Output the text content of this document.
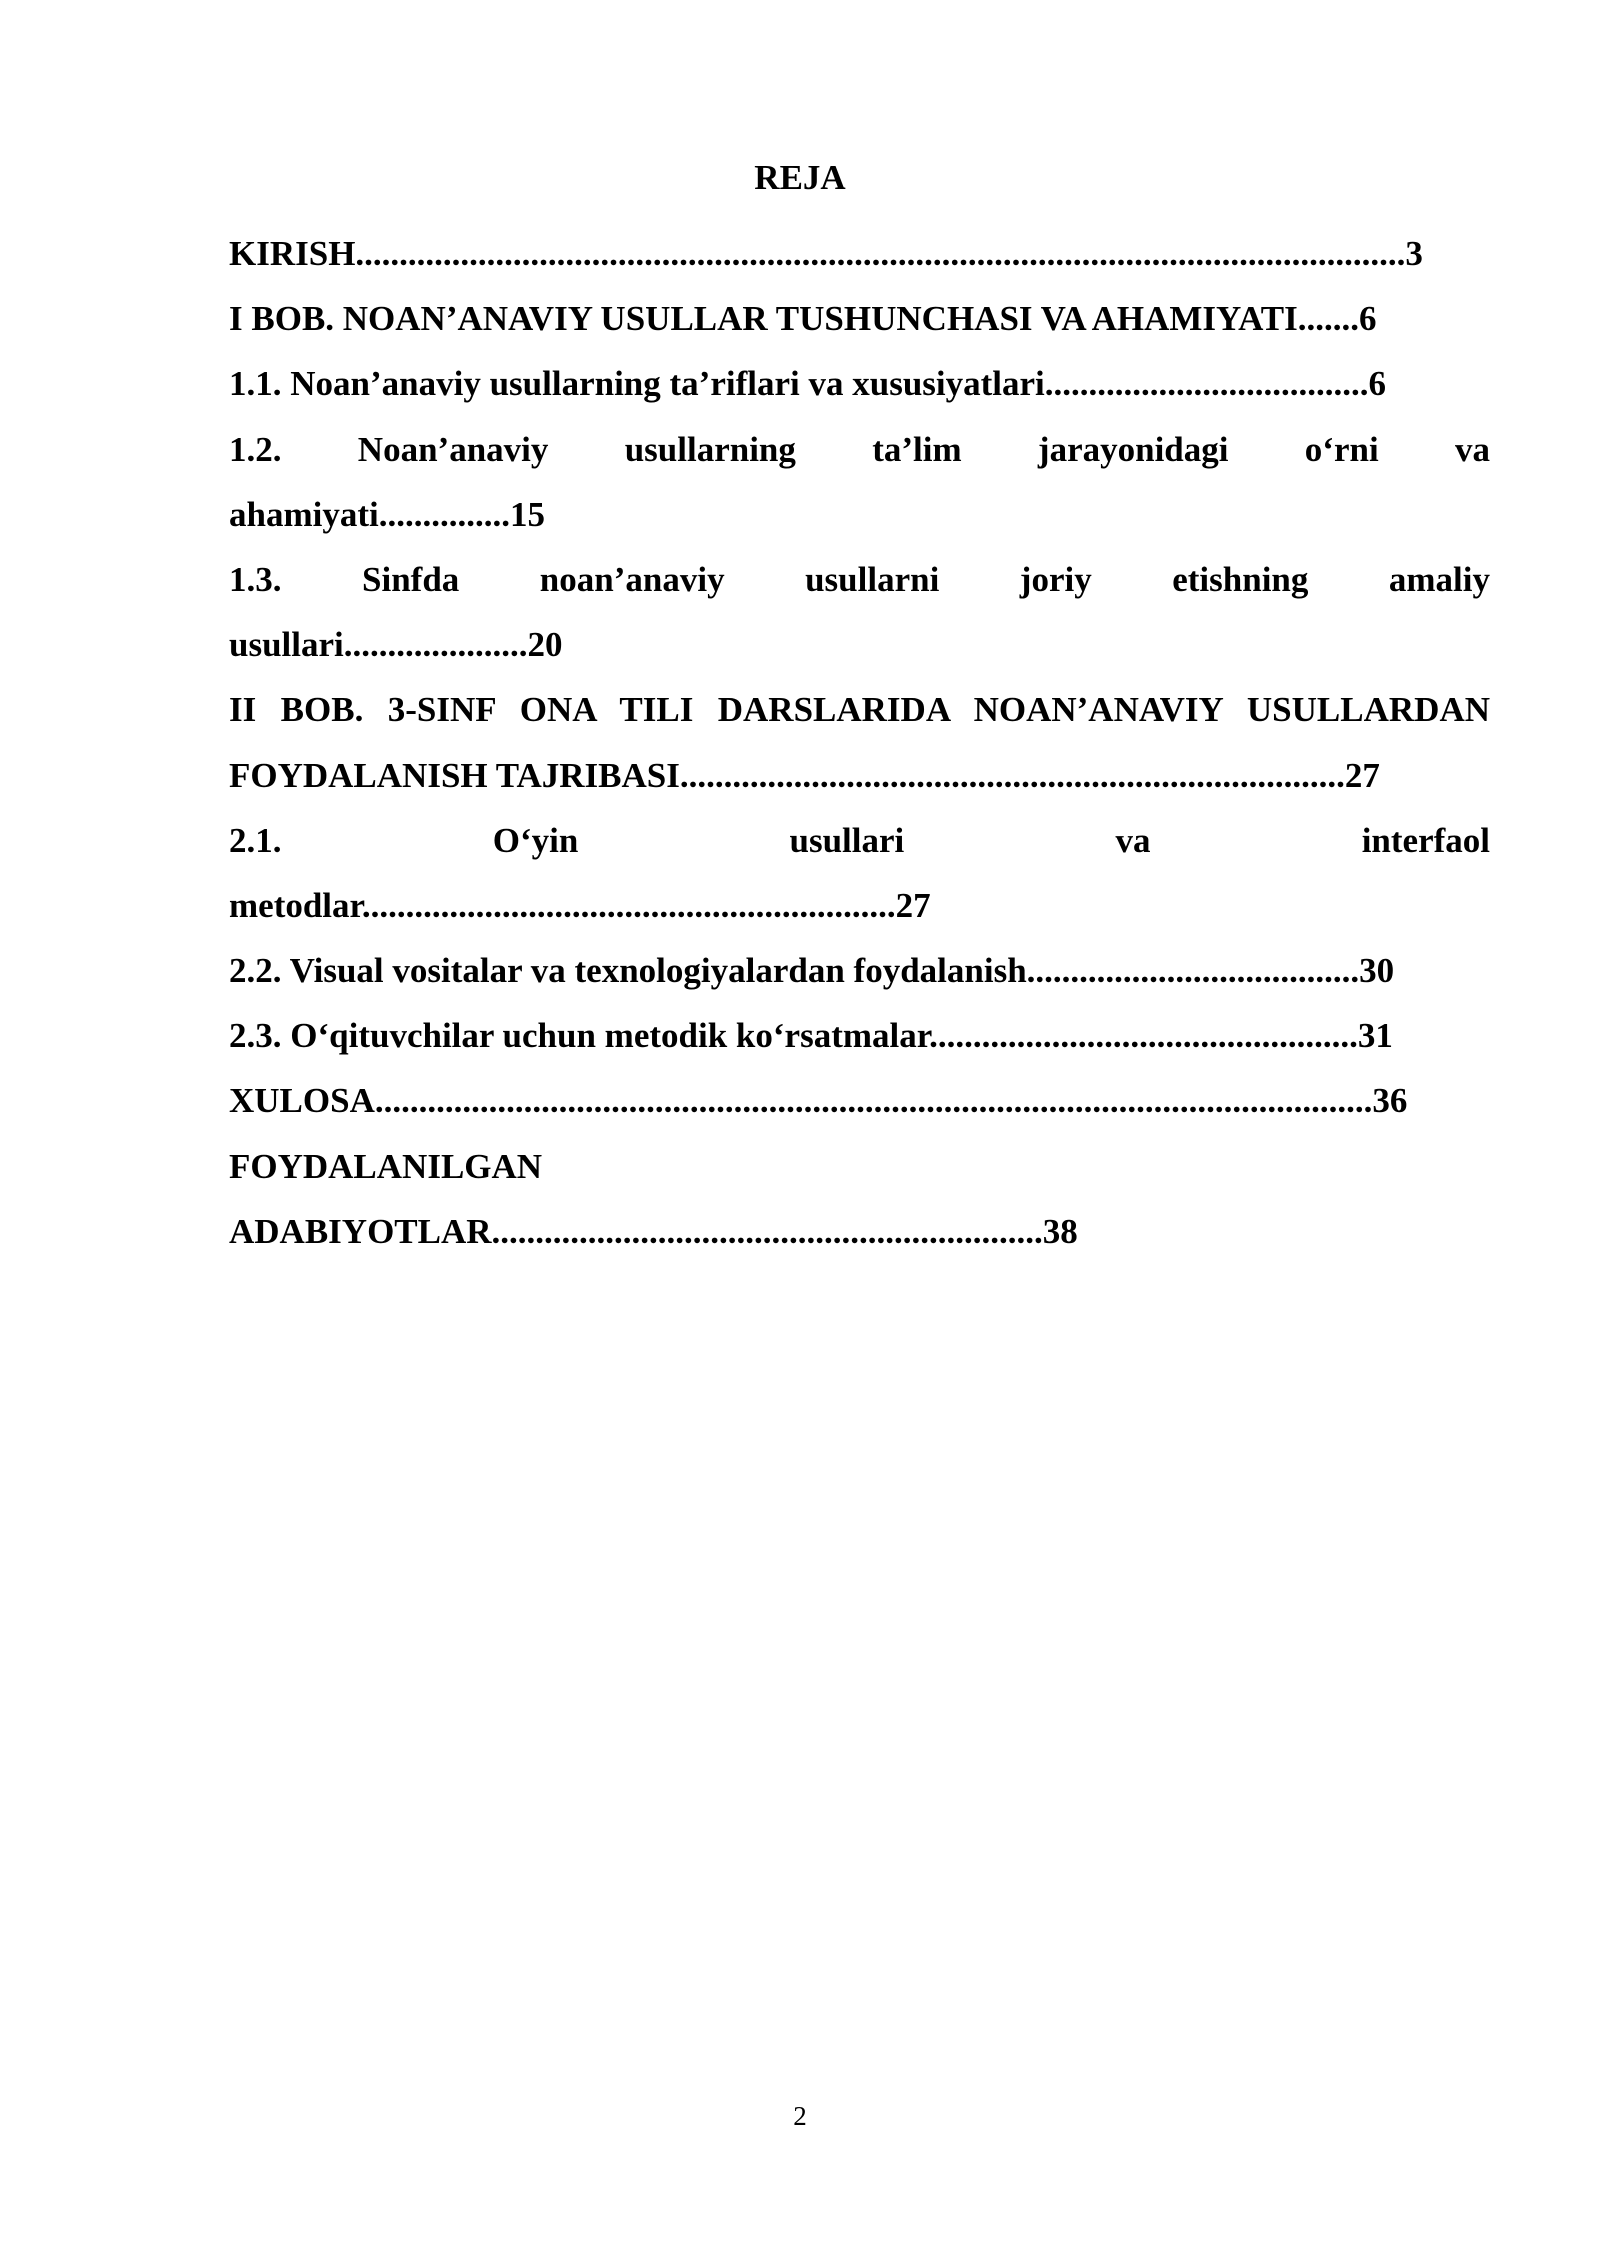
REJA
KIRISH........................................................................................................................3
I BOB. NOAN’ANAVIY USULLAR TUSHUNCHASI VA AHAMIYATI.......6
1.1. Noan’anaviy usullarning ta’riflari va xususiyatlari.....................................6
1.2. Noan’anaviy usullarning ta’lim jarayonidagi o‘rni va
ahamiyati...............15
1.3. Sinfda noan’anaviy usullarni joriy etishning amaliy
usullari.....................20
II BOB. 3-SINF ONA TILI DARSLARIDA NOAN’ANAVIY USULLARDAN
FOYDALANISH TAJRIBASI............................................................................27
2.1. O‘yin usullari va interfaol
metodlar.............................................................27
2.2. Visual vositalar va texnologiyalardan foydalanish......................................30
2.3. O‘qituvchilar uchun metodik ko‘rsatmalar.................................................31
XULOSA..................................................................................................................36
FOYDALANILGAN
ADABIYOTLAR...............................................................38
2
